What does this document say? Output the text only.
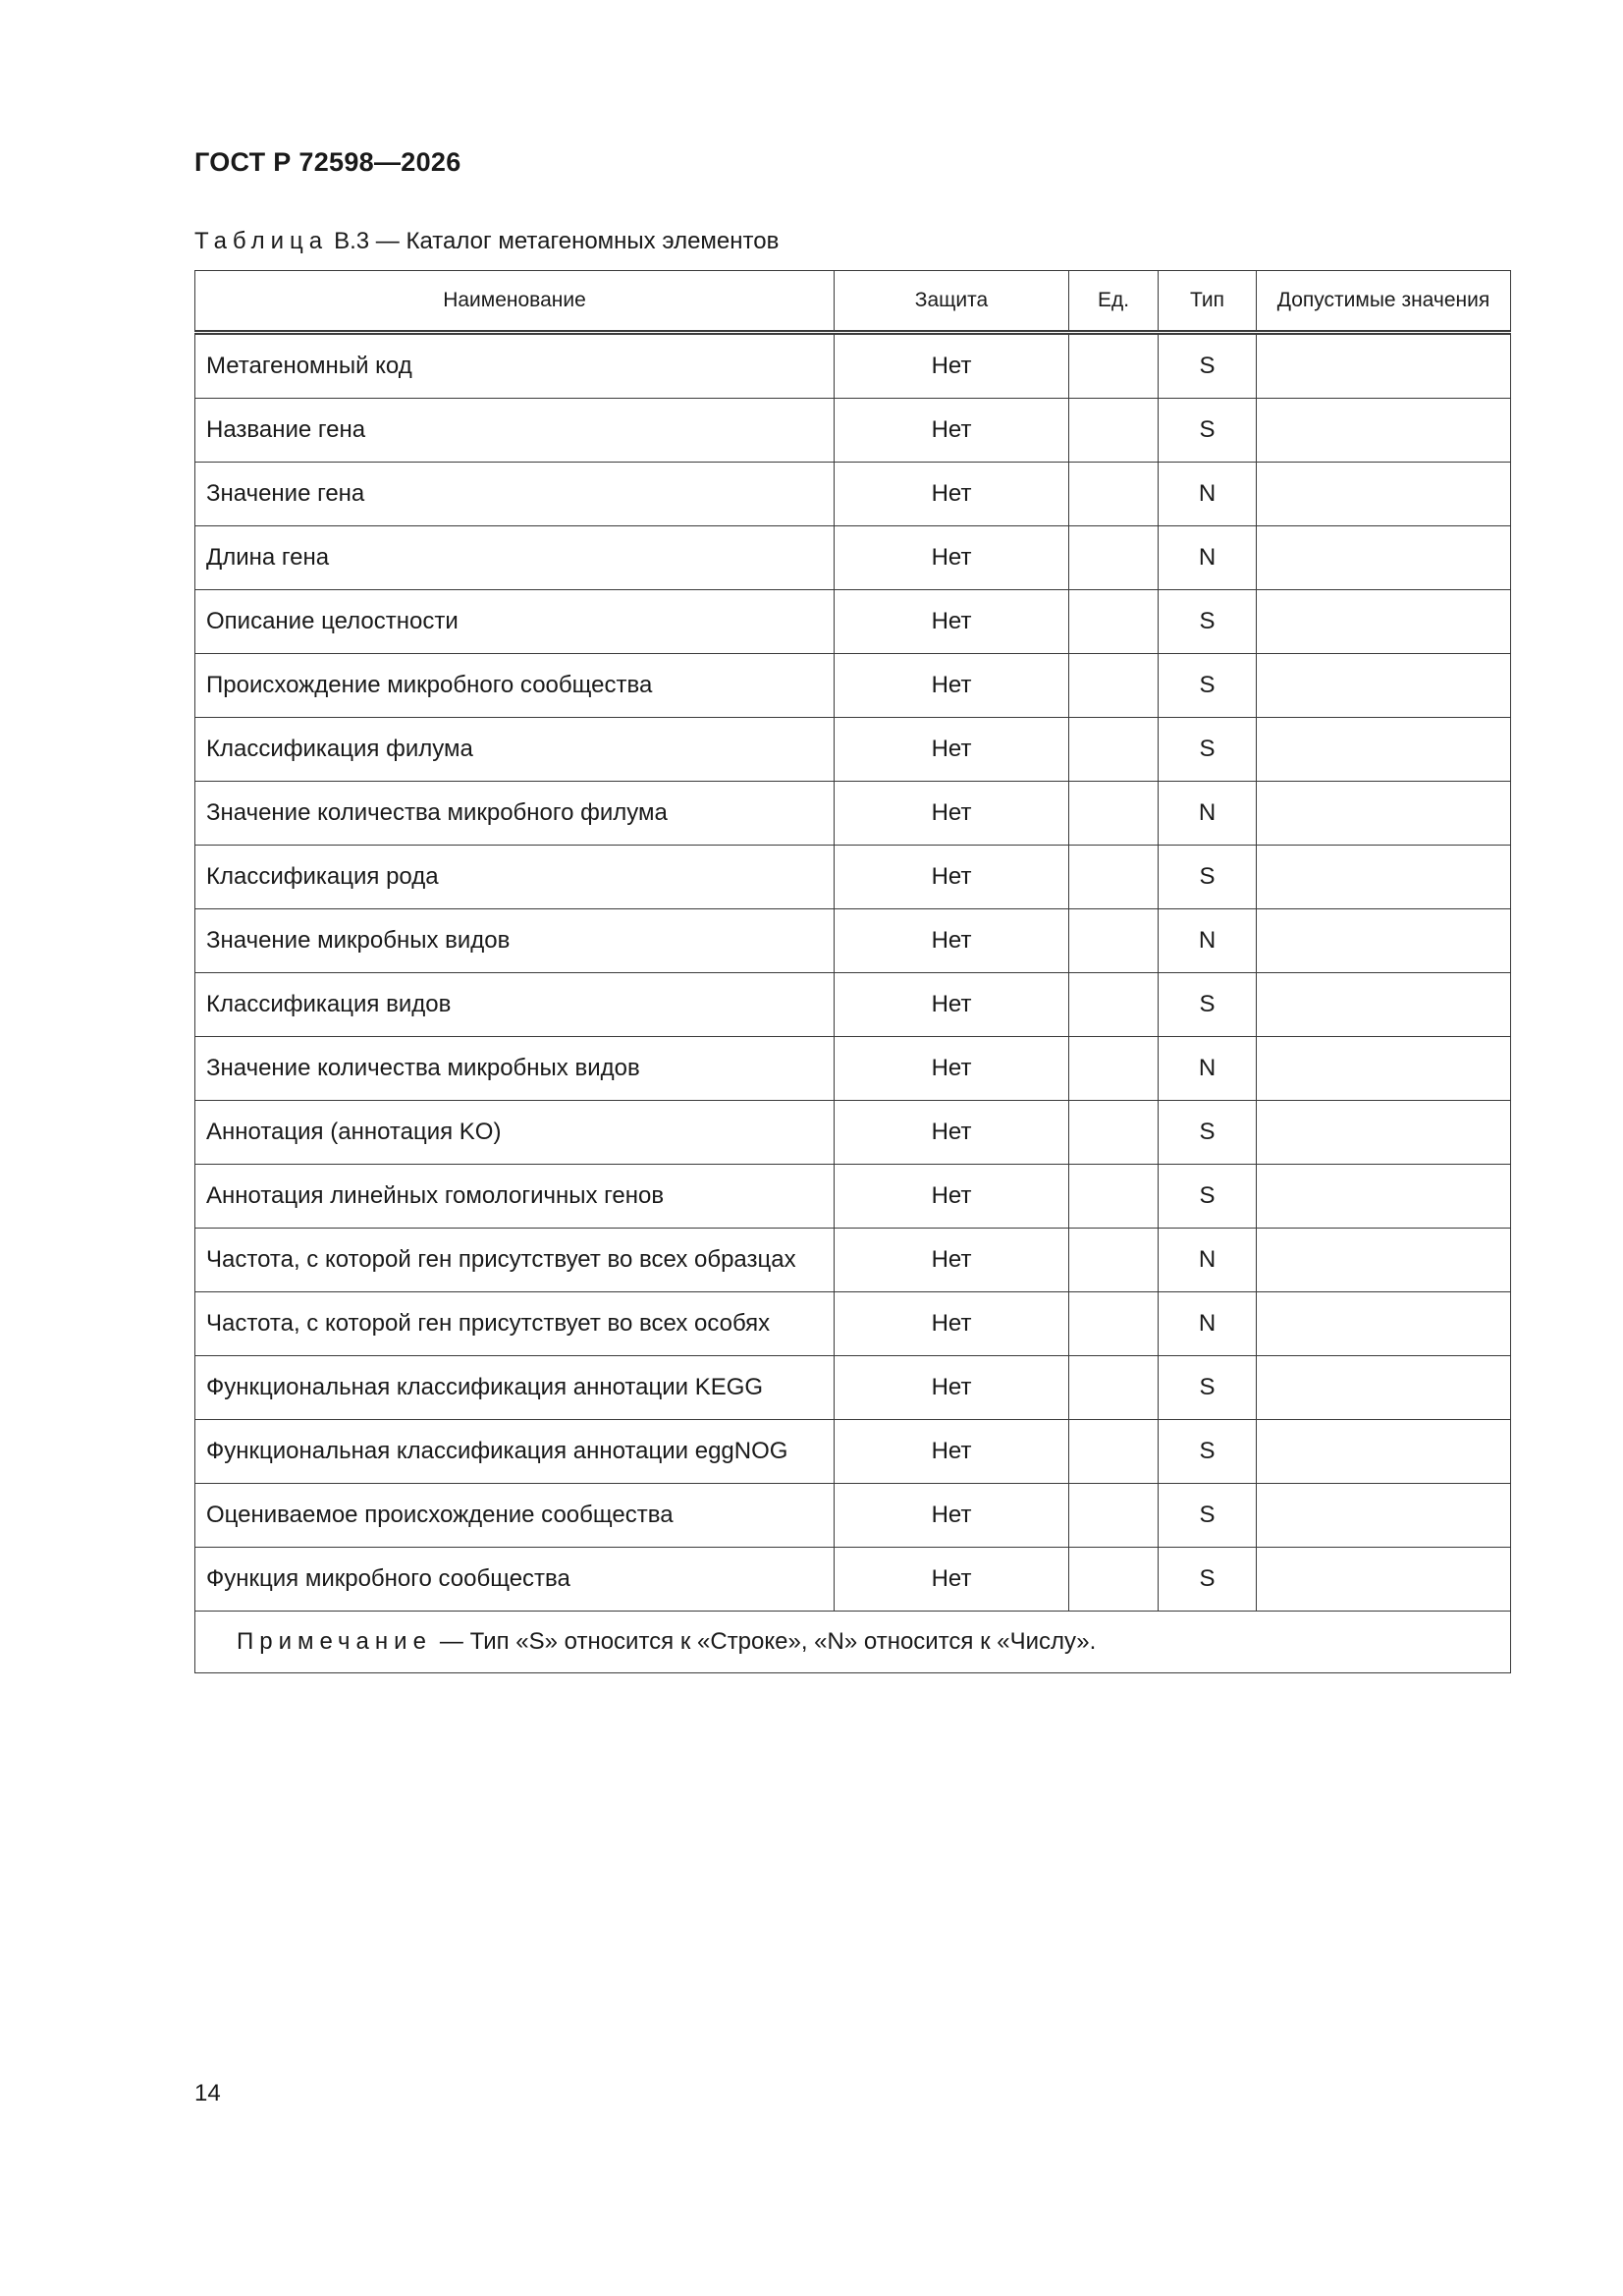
ГОСТ Р 72598—2026
Таблица В.3 — Каталог метагеномных элементов
Наименование	Защита	Ед.	Тип	Допустимые значения
Метагеномный код	Нет		S	
Название гена	Нет		S	
Значение гена	Нет		N	
Длина гена	Нет		N	
Описание целостности	Нет		S	
Происхождение микробного сообщества	Нет		S	
Классификация филума	Нет		S	
Значение количества микробного филума	Нет		N	
Классификация рода	Нет		S	
Значение микробных видов	Нет		N	
Классификация видов	Нет		S	
Значение количества микробных видов	Нет		N	
Аннотация (аннотация KO)	Нет		S	
Аннотация линейных гомологичных генов	Нет		S	
Частота, с которой ген присутствует во всех образцах	Нет		N	
Частота, с которой ген присутствует во всех особях	Нет		N	
Функциональная классификация аннотации KEGG	Нет		S	
Функциональная классификация аннотации eggNOG	Нет		S	
Оцениваемое происхождение сообщества	Нет		S	
Функция микробного сообщества	Нет		S	
Примечание — Тип «S» относится к «Строке», «N» относится к «Числу».				
14
